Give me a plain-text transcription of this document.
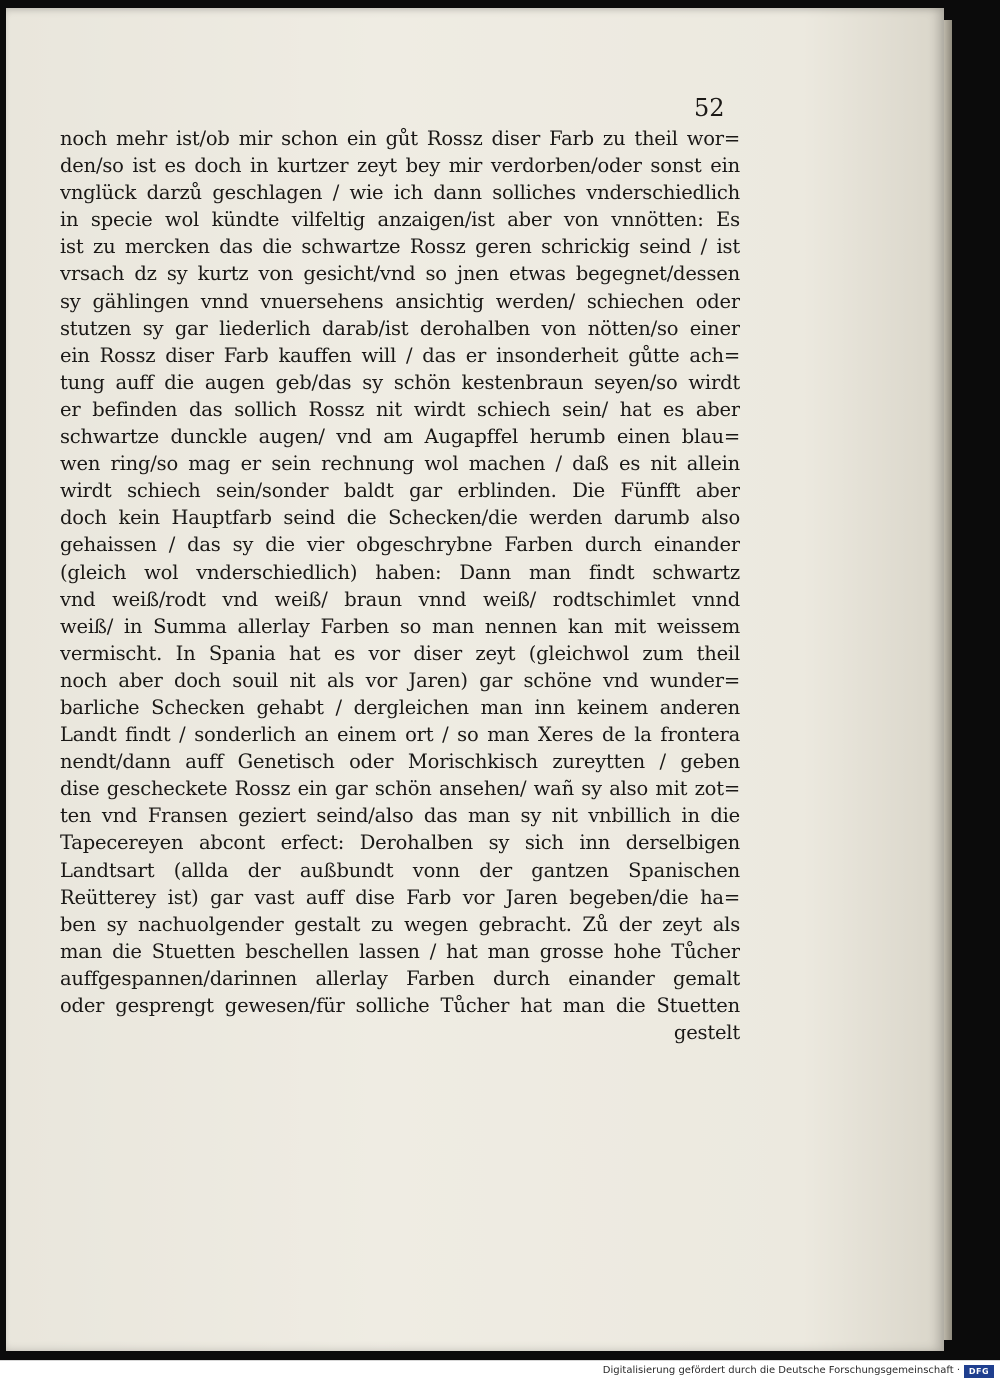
52

noch mehr ist/ob mir schon ein gůt Rossz diser Farb zu theil wor=
den/so ist es doch in kurtzer zeyt bey mir verdorben/oder sonst ein
vnglück darzů geschlagen / wie ich dann solliches vnderschiedlich
in specie wol kündte vilfeltig anzaigen/ist aber von vnnötten: Es
ist zu mercken das die schwartze Rossz geren schrickig seind / ist
vrsach dz sy kurtz von gesicht/vnd so jnen etwas begegnet/dessen
sy gählingen vnnd vnuersehens ansichtig werden/ schiechen oder
stutzen sy gar liederlich darab/ist derohalben von nötten/so einer
ein Rossz diser Farb kauffen will / das er insonderheit gůtte ach=
tung auff die augen geb/das sy schön kestenbraun seyen/so wirdt
er befinden das sollich Rossz nit wirdt schiech sein/ hat es aber
schwartze dunckle augen/ vnd am Augapffel herumb einen blau=
wen ring/so mag er sein rechnung wol machen / daß es nit allein
wirdt schiech sein/sonder baldt gar erblinden. Die Fünfft aber
doch kein Hauptfarb seind die Schecken/die werden darumb also
gehaissen / das sy die vier obgeschrybne Farben durch einander
(gleich wol vnderschiedlich) haben: Dann man findt schwartz
vnd weiß/rodt vnd weiß/ braun vnnd weiß/ rodtschimlet vnnd
weiß/ in Summa allerlay Farben so man nennen kan mit weissem
vermischt. In Spania hat es vor diser zeyt (gleichwol zum theil
noch aber doch souil nit als vor Jaren) gar schöne vnd wunder=
barliche Schecken gehabt / dergleichen man inn keinem anderen
Landt findt / sonderlich an einem ort / so man Xeres de la frontera
nendt/dann auff Genetisch oder Morischkisch zureytten / geben
dise gescheckete Rossz ein gar schön ansehen/ wañ sy also mit zot=
ten vnd Fransen geziert seind/also das man sy nit vnbillich in die
Tapecereyen abcont erfect: Derohalben sy sich inn derselbigen
Landtsart (allda der außbundt vonn der gantzen Spanischen
Reütterey ist) gar vast auff dise Farb vor Jaren begeben/die ha=
ben sy nachuolgender gestalt zu wegen gebracht. Zů der zeyt als
man die Stuetten beschellen lassen / hat man grosse hohe Tůcher
auffgespannen/darinnen allerlay Farben durch einander gemalt
oder gesprengt gewesen/für solliche Tůcher hat man die Stuetten
gestelt
Digitalisierung gefördert durch die Deutsche Forschungsgemeinschaft ·	DFG
